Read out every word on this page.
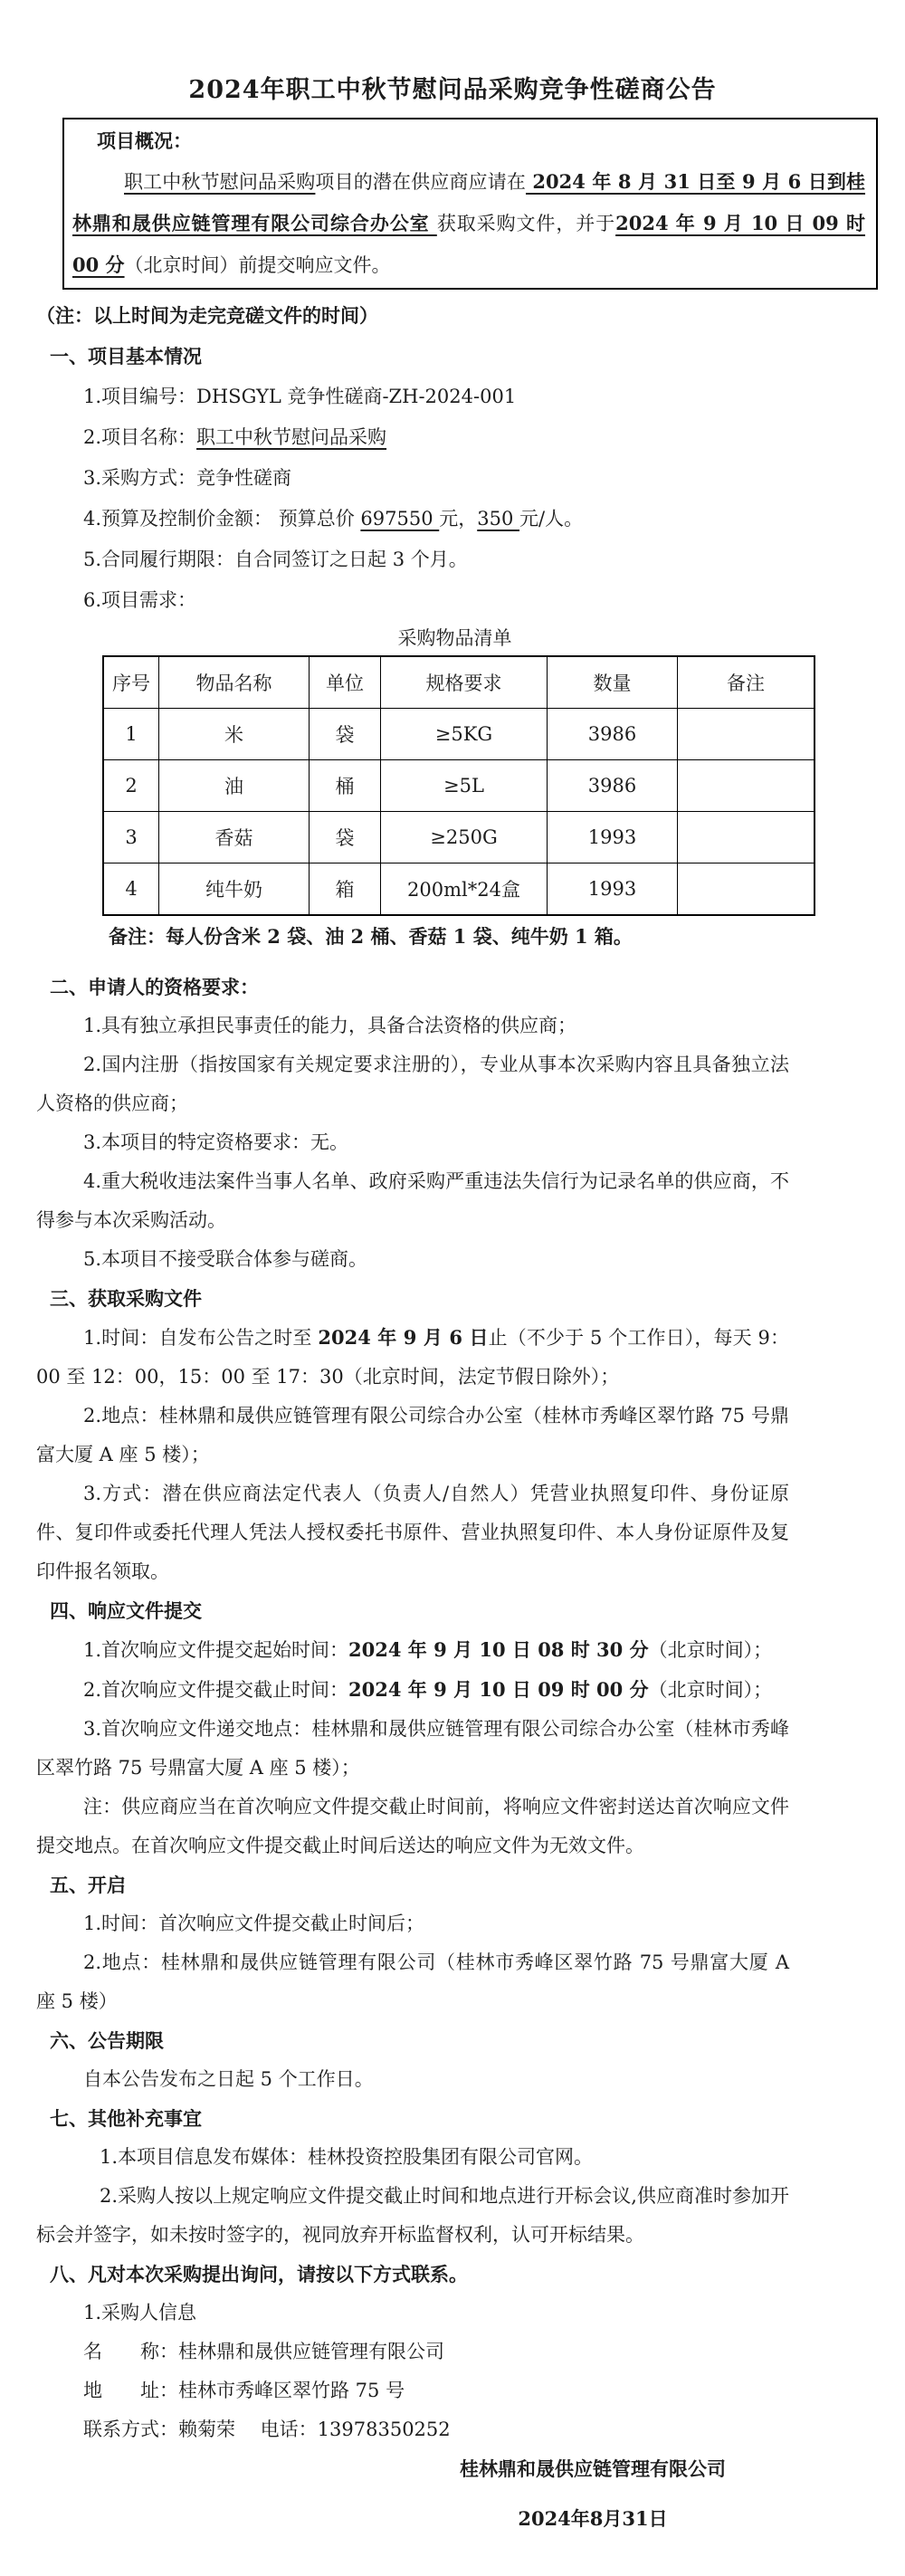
2024年职工中秋节慰问品采购竞争性磋商公告
项目概况：
职工中秋节慰问品采购项目的潜在供应商应请在 2024 年 8 月 31 日至 9 月 6 日到桂林鼎和晟供应链管理有限公司综合办公室 获取采购文件，并于2024 年 9 月 10 日 09 时 00 分（北京时间）前提交响应文件。
（注：以上时间为走完竞磋文件的时间）
一、项目基本情况
1.项目编号：DHSGYL 竞争性磋商-ZH-2024-001
2.项目名称：职工中秋节慰问品采购
3.采购方式：竞争性磋商
4.预算及控制价金额： 预算总价 697550 元，350 元/人。
5.合同履行期限：自合同签订之日起 3 个月。
6.项目需求：
采购物品清单
序号	物品名称	单位	规格要求	数量	备注
1	米	袋	≥5KG	3986	
2	油	桶	≥5L	3986	
3	香菇	袋	≥250G	1993	
4	纯牛奶	箱	200ml*24盒	1993	
备注：每人份含米 2 袋、油 2 桶、香菇 1 袋、纯牛奶 1 箱。
二、申请人的资格要求：
1.具有独立承担民事责任的能力，具备合法资格的供应商；
2.国内注册（指按国家有关规定要求注册的），专业从事本次采购内容且具备独立法人资格的供应商；
3.本项目的特定资格要求：无。
4.重大税收违法案件当事人名单、政府采购严重违法失信行为记录名单的供应商，不得参与本次采购活动。
5.本项目不接受联合体参与磋商。
三、获取采购文件
1.时间：自发布公告之时至 2024 年 9 月 6 日止（不少于 5 个工作日），每天 9：00 至 12：00，15：00 至 17：30（北京时间，法定节假日除外）；
2.地点：桂林鼎和晟供应链管理有限公司综合办公室（桂林市秀峰区翠竹路 75 号鼎富大厦 A 座 5 楼）；
3.方式：潜在供应商法定代表人（负责人/自然人）凭营业执照复印件、身份证原件、复印件或委托代理人凭法人授权委托书原件、营业执照复印件、本人身份证原件及复印件报名领取。
四、响应文件提交
1.首次响应文件提交起始时间：2024 年 9 月 10 日 08 时 30 分（北京时间）；
2.首次响应文件提交截止时间：2024 年 9 月 10 日 09 时 00 分（北京时间）；
3.首次响应文件递交地点：桂林鼎和晟供应链管理有限公司综合办公室（桂林市秀峰区翠竹路 75 号鼎富大厦 A 座 5 楼）；
注：供应商应当在首次响应文件提交截止时间前，将响应文件密封送达首次响应文件提交地点。在首次响应文件提交截止时间后送达的响应文件为无效文件。
五、开启
1.时间：首次响应文件提交截止时间后；
2.地点：桂林鼎和晟供应链管理有限公司（桂林市秀峰区翠竹路 75 号鼎富大厦 A 座 5 楼）
六、公告期限
自本公告发布之日起 5 个工作日。
七、其他补充事宜
1.本项目信息发布媒体：桂林投资控股集团有限公司官网。
2.采购人按以上规定响应文件提交截止时间和地点进行开标会议,供应商准时参加开标会并签字，如未按时签字的，视同放弃开标监督权利，认可开标结果。
八、凡对本次采购提出询问，请按以下方式联系。
1.采购人信息
名　　称：桂林鼎和晟供应链管理有限公司
地　　址：桂林市秀峰区翠竹路 75 号
联系方式：赖菊荣　 电话：13978350252
桂林鼎和晟供应链管理有限公司
2024年8月31日
